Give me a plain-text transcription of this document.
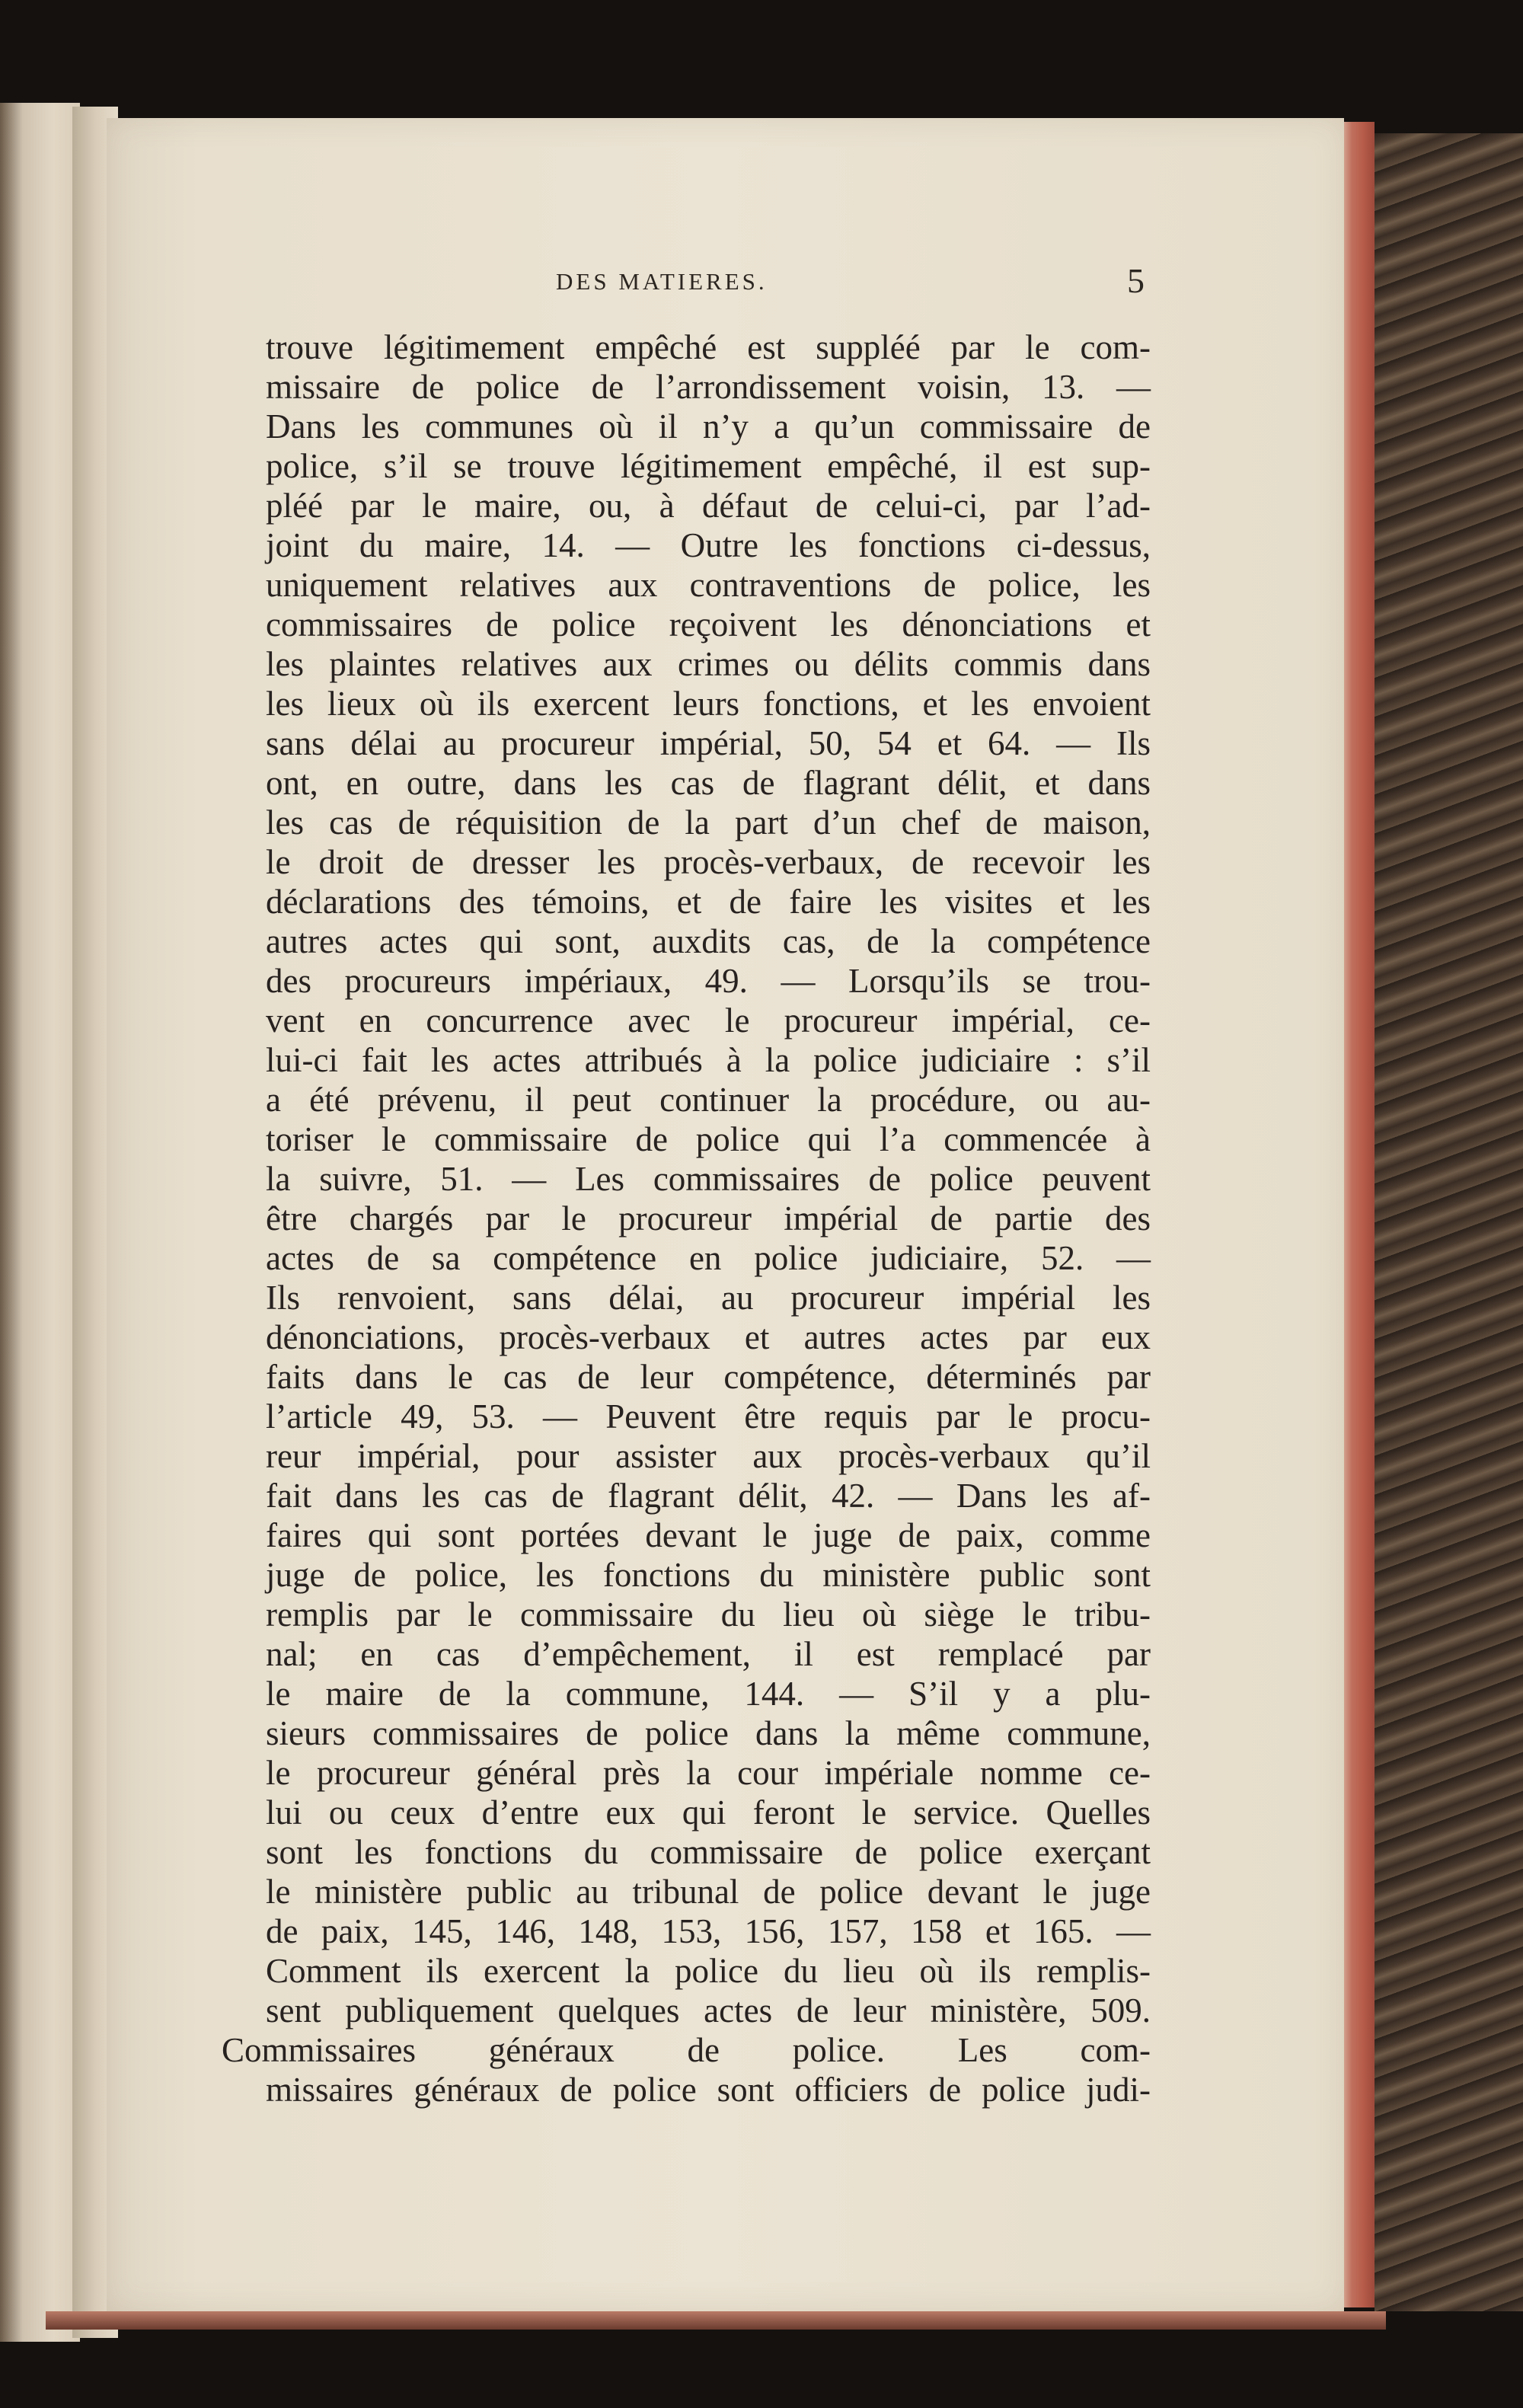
DES MATIERES.	5
trouve légitimement empêché est suppléé par le com-
missaire de police de l’arrondissement voisin, 13. —
Dans les communes où il n’y a qu’un commissaire de
police, s’il se trouve légitimement empêché, il est sup-
pléé par le maire, ou, à défaut de celui-ci, par l’ad-
joint du maire, 14. — Outre les fonctions ci-dessus,
uniquement relatives aux contraventions de police, les
commissaires de police reçoivent les dénonciations et
les plaintes relatives aux crimes ou délits commis dans
les lieux où ils exercent leurs fonctions, et les envoient
sans délai au procureur impérial, 50, 54 et 64. — Ils
ont, en outre, dans les cas de flagrant délit, et dans
les cas de réquisition de la part d’un chef de maison,
le droit de dresser les procès-verbaux, de recevoir les
déclarations des témoins, et de faire les visites et les
autres actes qui sont, auxdits cas, de la compétence
des procureurs impériaux, 49. — Lorsqu’ils se trou-
vent en concurrence avec le procureur impérial, ce-
lui-ci fait les actes attribués à la police judiciaire : s’il
a été prévenu, il peut continuer la procédure, ou au-
toriser le commissaire de police qui l’a commencée à
la suivre, 51. — Les commissaires de police peuvent
être chargés par le procureur impérial de partie des
actes de sa compétence en police judiciaire, 52. —
Ils renvoient, sans délai, au procureur impérial les
dénonciations, procès-verbaux et autres actes par eux
faits dans le cas de leur compétence, déterminés par
l’article 49, 53. — Peuvent être requis par le procu-
reur impérial, pour assister aux procès-verbaux qu’il
fait dans les cas de flagrant délit, 42. — Dans les af-
faires qui sont portées devant le juge de paix, comme
juge de police, les fonctions du ministère public sont
remplis par le commissaire du lieu où siège le tribu-
nal; en cas d’empêchement, il est remplacé par
le maire de la commune, 144. — S’il y a plu-
sieurs commissaires de police dans la même commune,
le procureur général près la cour impériale nomme ce-
lui ou ceux d’entre eux qui feront le service. Quelles
sont les fonctions du commissaire de police exerçant
le ministère public au tribunal de police devant le juge
de paix, 145, 146, 148, 153, 156, 157, 158 et 165. —
Comment ils exercent la police du lieu où ils remplis-
sent publiquement quelques actes de leur ministère, 509.
Commissaires généraux de police. Les com-
missaires généraux de police sont officiers de police judi-
